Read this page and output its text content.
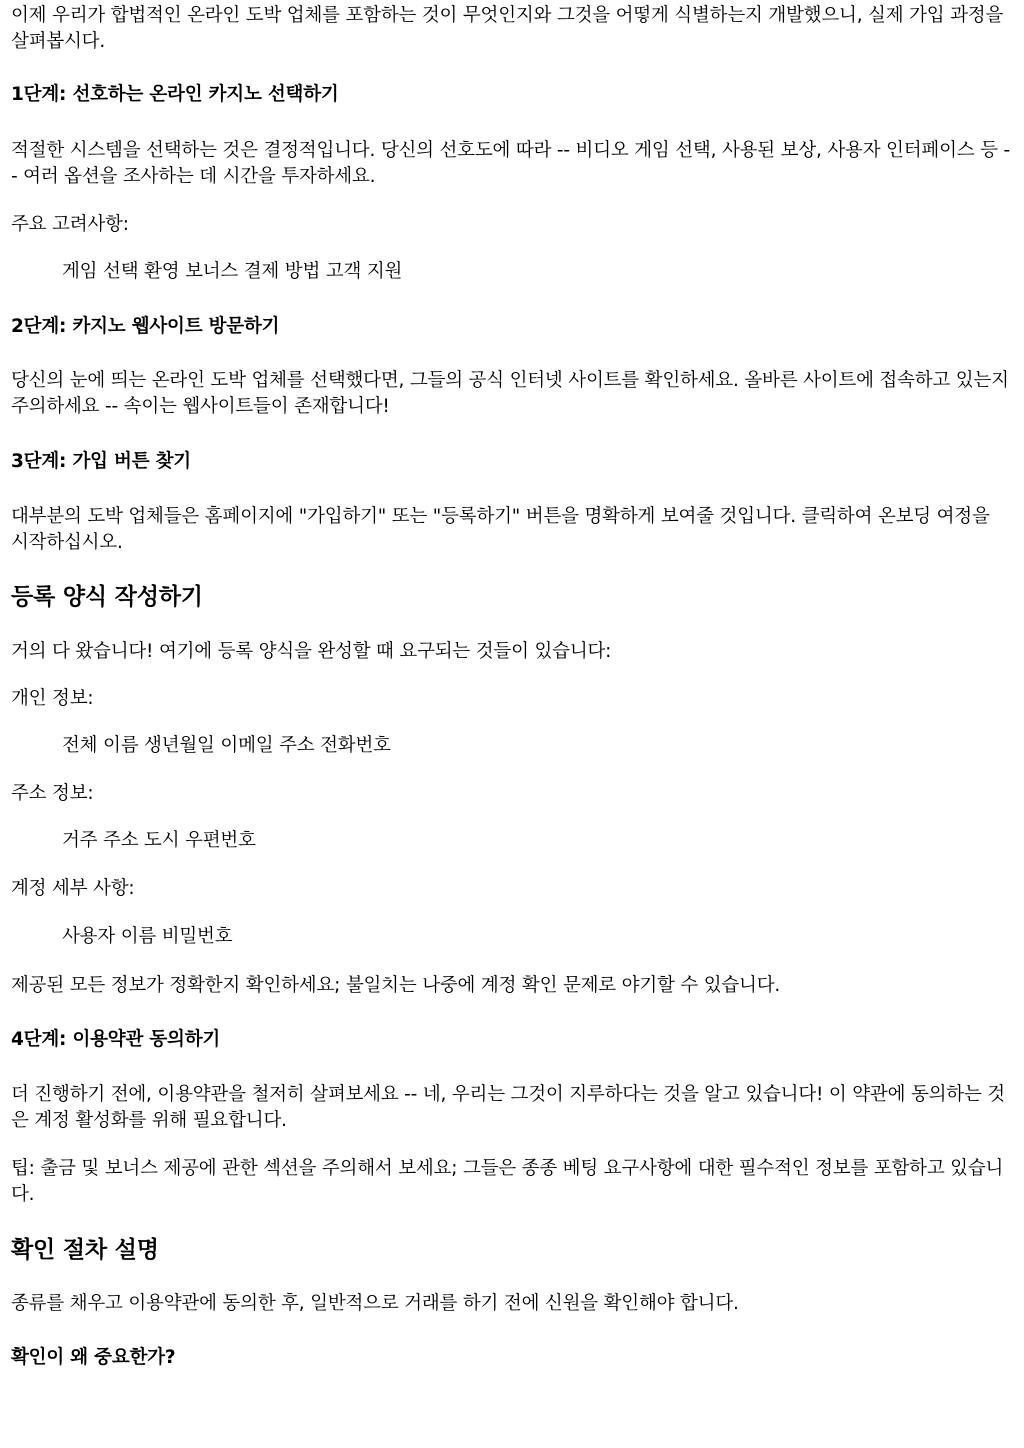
이제 우리가 합법적인 온라인 도박 업체를 포함하는 것이 무엇인지와 그것을 어떻게 식별하는지 개발했으니, 실제 가입 과정을 살펴봅시다.

1단계: 선호하는 온라인 카지노 선택하기

적절한 시스템을 선택하는 것은 결정적입니다. 당신의 선호도에 따라 -- 비디오 게임 선택, 사용된 보상, 사용자 인터페이스 등 -- 여러 옵션을 조사하는 데 시간을 투자하세요.

주요 고려사항:

게임 선택 환영 보너스 결제 방법 고객 지원

2단계: 카지노 웹사이트 방문하기

당신의 눈에 띄는 온라인 도박 업체를 선택했다면, 그들의 공식 인터넷 사이트를 확인하세요. 올바른 사이트에 접속하고 있는지 주의하세요 -- 속이는 웹사이트들이 존재합니다!

3단계: 가입 버튼 찾기

대부분의 도박 업체들은 홈페이지에 "가입하기" 또는 "등록하기" 버튼을 명확하게 보여줄 것입니다. 클릭하여 온보딩 여정을 시작하십시오.

등록 양식 작성하기

거의 다 왔습니다! 여기에 등록 양식을 완성할 때 요구되는 것들이 있습니다:

개인 정보:

전체 이름 생년월일 이메일 주소 전화번호

주소 정보:

거주 주소 도시 우편번호

계정 세부 사항:

사용자 이름 비밀번호

제공된 모든 정보가 정확한지 확인하세요; 불일치는 나중에 계정 확인 문제로 야기할 수 있습니다.

4단계: 이용약관 동의하기

더 진행하기 전에, 이용약관을 철저히 살펴보세요 -- 네, 우리는 그것이 지루하다는 것을 알고 있습니다! 이 약관에 동의하는 것은 계정 활성화를 위해 필요합니다.

팁: 출금 및 보너스 제공에 관한 섹션을 주의해서 보세요; 그들은 종종 베팅 요구사항에 대한 필수적인 정보를 포함하고 있습니다.

확인 절차 설명

종류를 채우고 이용약관에 동의한 후, 일반적으로 거래를 하기 전에 신원을 확인해야 합니다.

확인이 왜 중요한가?
